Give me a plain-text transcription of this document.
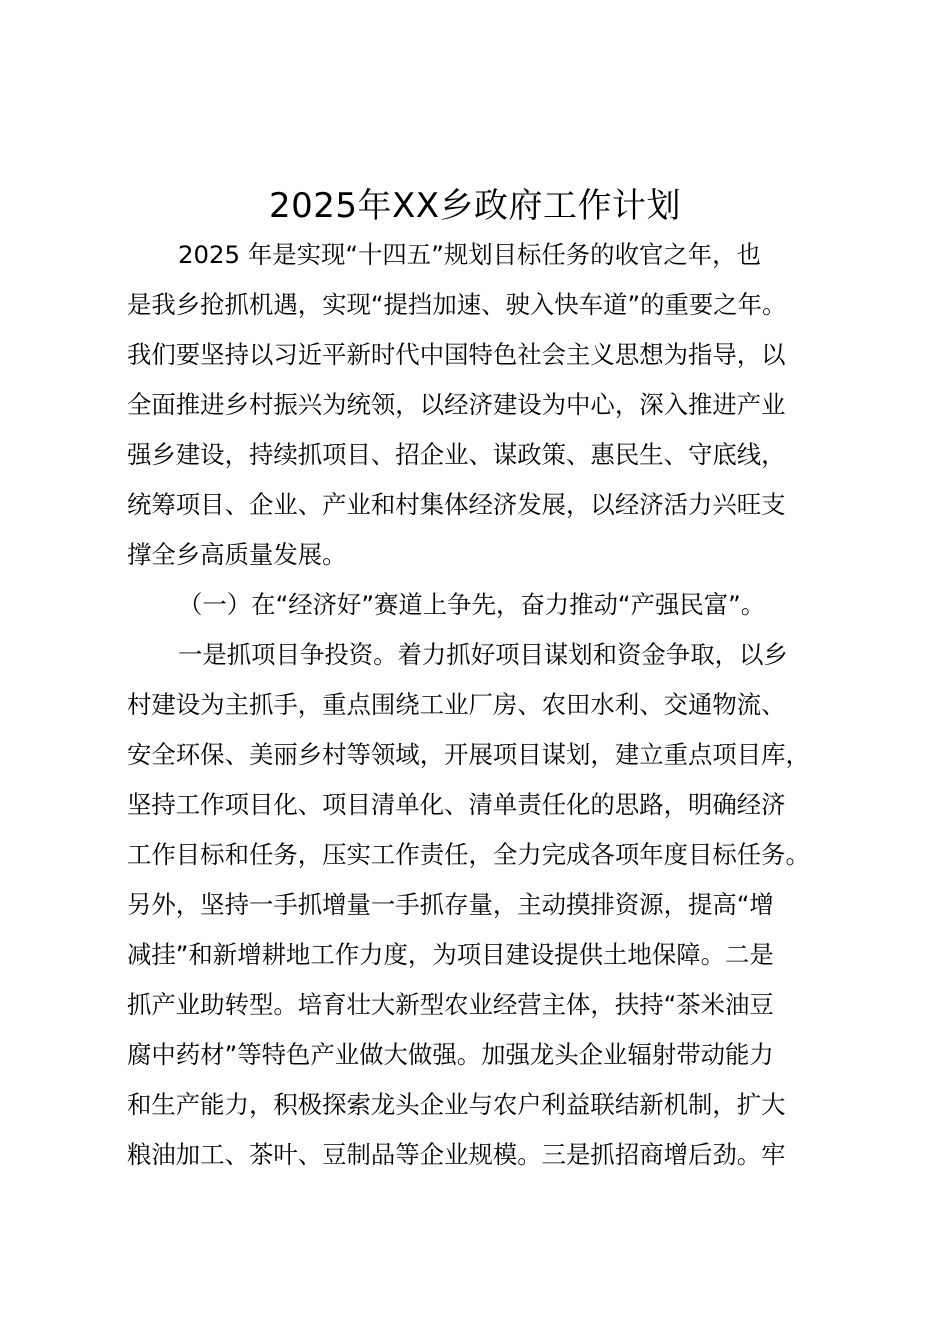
2025年XX乡政府工作计划
2025 年是实现“十四五”规划目标任务的收官之年，也
是我乡抢抓机遇，实现“提挡加速、驶入快车道”的重要之年。
我们要坚持以习近平新时代中国特色社会主义思想为指导，以
全面推进乡村振兴为统领，以经济建设为中心，深入推进产业
强乡建设，持续抓项目、招企业、谋政策、惠民生、守底线，
统筹项目、企业、产业和村集体经济发展，以经济活力兴旺支
撑全乡高质量发展。
（一）在“经济好”赛道上争先，奋力推动“产强民富”。
一是抓项目争投资。着力抓好项目谋划和资金争取，以乡
村建设为主抓手，重点围绕工业厂房、农田水利、交通物流、
安全环保、美丽乡村等领域，开展项目谋划，建立重点项目库，
坚持工作项目化、项目清单化、清单责任化的思路，明确经济
工作目标和任务，压实工作责任，全力完成各项年度目标任务。
另外，坚持一手抓增量一手抓存量，主动摸排资源，提高“增
减挂”和新增耕地工作力度，为项目建设提供土地保障。二是
抓产业助转型。培育壮大新型农业经营主体，扶持“茶米油豆
腐中药材”等特色产业做大做强。加强龙头企业辐射带动能力
和生产能力，积极探索龙头企业与农户利益联结新机制，扩大
粮油加工、茶叶、豆制品等企业规模。三是抓招商增后劲。牢
